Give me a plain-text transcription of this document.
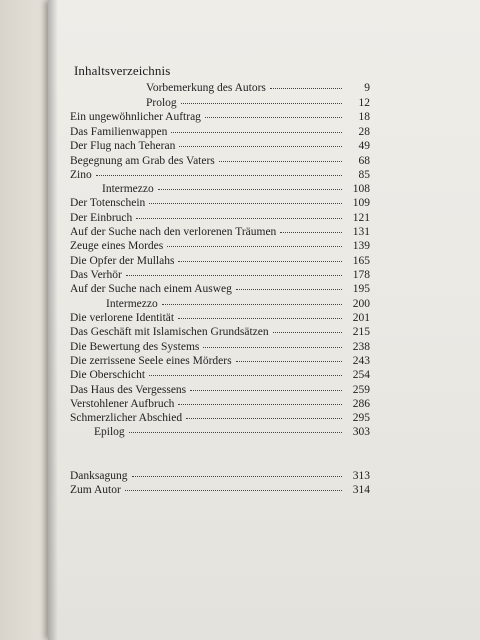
Inhaltsverzeichnis
Vorbemerkung des Autors	9
Prolog	12
Ein ungewöhnlicher Auftrag	18
Das Familienwappen	28
Der Flug nach Teheran	49
Begegnung am Grab des Vaters	68
Zino	85
Intermezzo	108
Der Totenschein	109
Der Einbruch	121
Auf der Suche nach den verlorenen Träumen	131
Zeuge eines Mordes	139
Die Opfer der Mullahs	165
Das Verhör	178
Auf der Suche nach einem Ausweg	195
Intermezzo	200
Die verlorene Identität	201
Das Geschäft mit Islamischen Grundsätzen	215
Die Bewertung des Systems	238
Die zerrissene Seele eines Mörders	243
Die Oberschicht	254
Das Haus des Vergessens	259
Verstohlener Aufbruch	286
Schmerzlicher Abschied	295
Epilog	303
Danksagung	313
Zum Autor	314
